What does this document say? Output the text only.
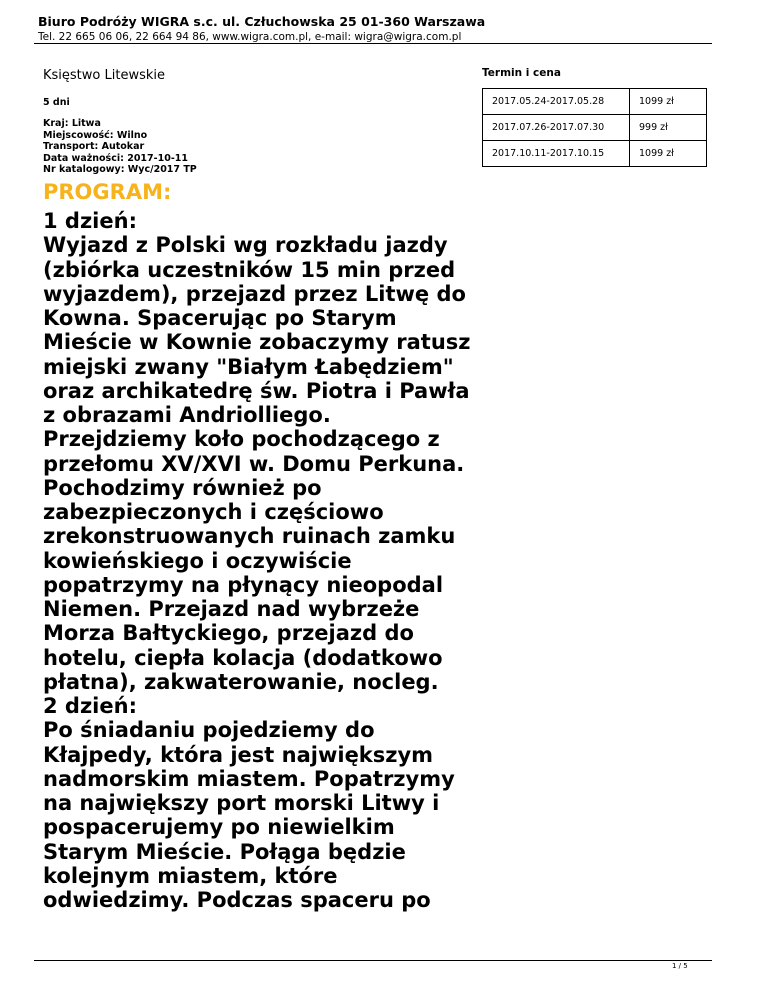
Biuro Podróży WIGRA s.c. ul. Człuchowska 25 01-360 Warszawa
Tel. 22 665 06 06, 22 664 94 86, www.wigra.com.pl, e-mail: wigra@wigra.com.pl
Księstwo Litewskie
5 dni
Kraj: Litwa
Miejscowość: Wilno
Transport: Autokar
Data ważności: 2017-10-11
Nr katalogowy: Wyc/2017 TP
Termin i cena
2017.05.24-2017.05.28	1099 zł
2017.07.26-2017.07.30	999 zł
2017.10.11-2017.10.15	1099 zł
PROGRAM:

1 dzień:

Wyjazd z Polski wg rozkładu jazdy (zbiórka uczestników 15 min przed wyjazdem), przejazd przez Litwę do Kowna. Spacerując po Starym Mieście w Kownie zobaczymy ratusz miejski zwany "Białym Łabędziem" oraz archikatedrę św. Piotra i Pawła z obrazami Andriolliego. Przejdziemy koło pochodzącego z przełomu XV/XVI w. Domu Perkuna. Pochodzimy również po zabezpieczonych i częściowo zrekonstruowanych ruinach zamku kowieńskiego i oczywiście popatrzymy na płynący nieopodal Niemen. Przejazd nad wybrzeże Morza Bałtyckiego, przejazd do hotelu, ciepła kolacja (dodatkowo płatna), zakwaterowanie, nocleg.

2 dzień:

Po śniadaniu pojedziemy do Kłajpedy, która jest największym nadmorskim miastem. Popatrzymy na największy port morski Litwy i pospacerujemy po niewielkim Starym Mieście. Połąga będzie kolejnym miastem, które odwiedzimy. Podczas spaceru po

1 / 5
